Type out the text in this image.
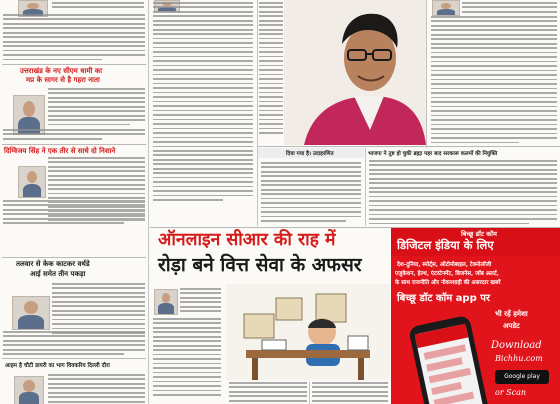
उत्तराखंड के नए सीएम धामी का
मप्र के सागर से है गहरा नाता
दिग्विजय सिंह ने एक तीर से साधे दो निशाने
तलवार से केक काटकर वर्थडे
आई समेत तीन पकड़ा
आहम है चौटी डायरी का भाग विवकरिय दिल्ली दौरा
दिया गया है। उदाहरणित	भाजपा ने तुष्ट हो चुकी ब्रह्मा पहर बाद सरकारू कलमों की नियुक्ति
ऑनलाइन सीआर की राह में
रोड़ा बने वित्त सेवा के अफसर
बिच्छू डॉट कॉम
डिजिटल इंडिया के लिए
देश-दुनिया, स्पोर्ट्स, ऑटोमोबाइल, टेक्नोलॉजी
एजुकेशन, हेल्थ, एंटरटेनमेंट, बिजनेस, जॉब अलर्ट,
के साथ राजनीति और नौकरशाही की असरदार खबरें
बिच्छू डॉट कॉम app पर
भी रहें हमेशा
अपडेट
Download
Bichhu.com
Google play
or Scan
